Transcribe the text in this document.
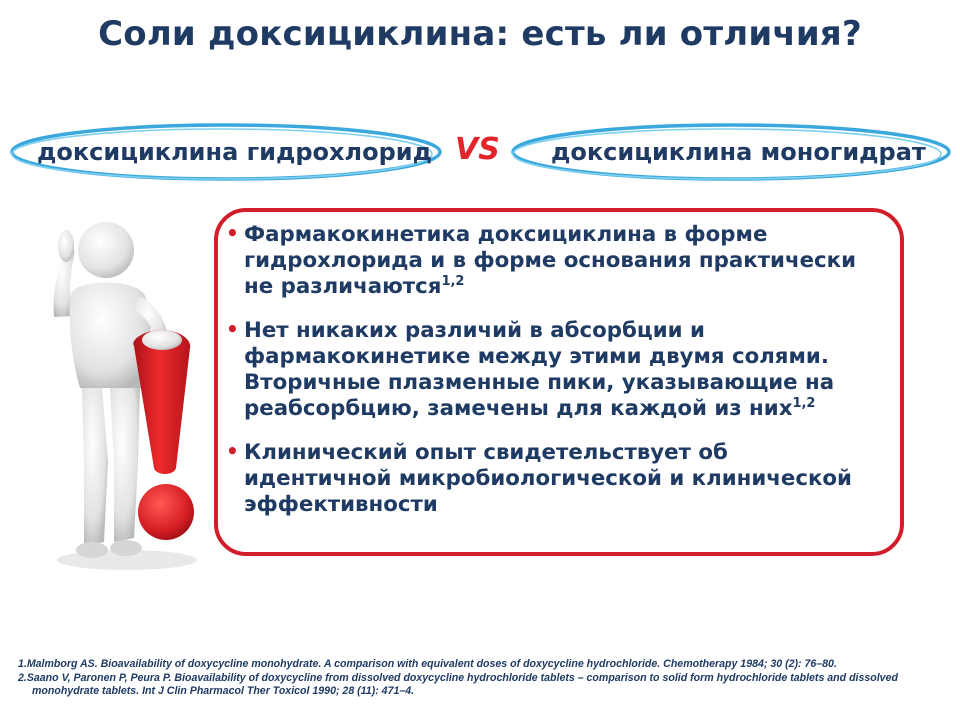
Соли доксициклина: есть ли отличия?
доксициклина гидрохлорид VS доксициклина моногидрат
• Фармакокинетика доксициклина в форме
гидрохлорида и в форме основания практически
не различаются$^{1,2}$
• Нет никаких различий в абсорбции и
фармакокинетике между этими двумя солями.
Вторичные плазменные пики, указывающие на
реабсорбцию, замечены для каждой из них$^{1,2}$
• Клинический опыт свидетельствует об
идентичной микробиологической и клинической
эффективности
1.Malmborg AS. Bioavailability of doxycycline monohydrate. A comparison with equivalent doses of doxycycline hydrochloride. Chemotherapy 1984; 30 (2): 76–80.
2.Saano V, Paronen P, Peura P. Bioavailability of doxycycline from dissolved doxycycline hydrochloride tablets – comparison to solid form hydrochloride tablets and dissolved
monohydrate tablets. Int J Clin Pharmacol Ther Toxicol 1990; 28 (11): 471–4.
